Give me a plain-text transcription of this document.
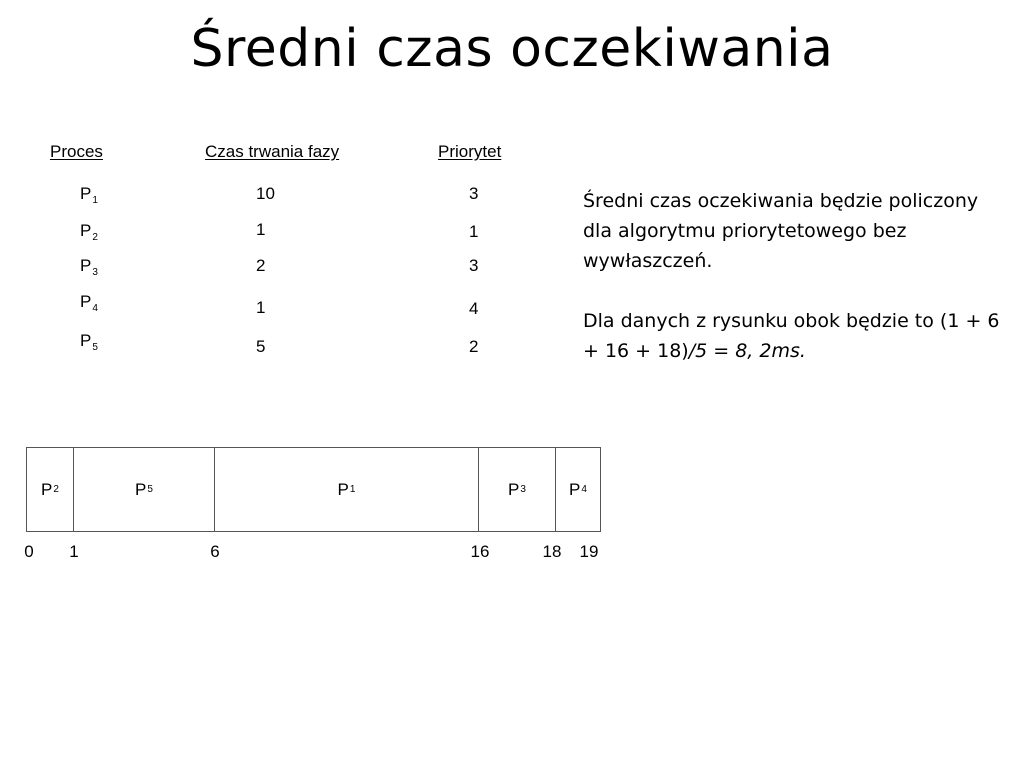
Średni czas oczekiwania
Proces	Czas trwania fazy	Priorytet
$P_1$	10	3
$P_2$	1	1
$P_3$	2	3
$P_4$	1	4
$P_5$	5	2
Średni czas oczekiwania będzie policzony dla algorytmu priorytetowego bez wywłaszczeń.
Dla danych z rysunku obok będzie to (1 + 6 + 16 + 18)/5 = 8, 2ms.
P 2	P 5	P 1	P 3	P 4
0 1	6	16	18 19
